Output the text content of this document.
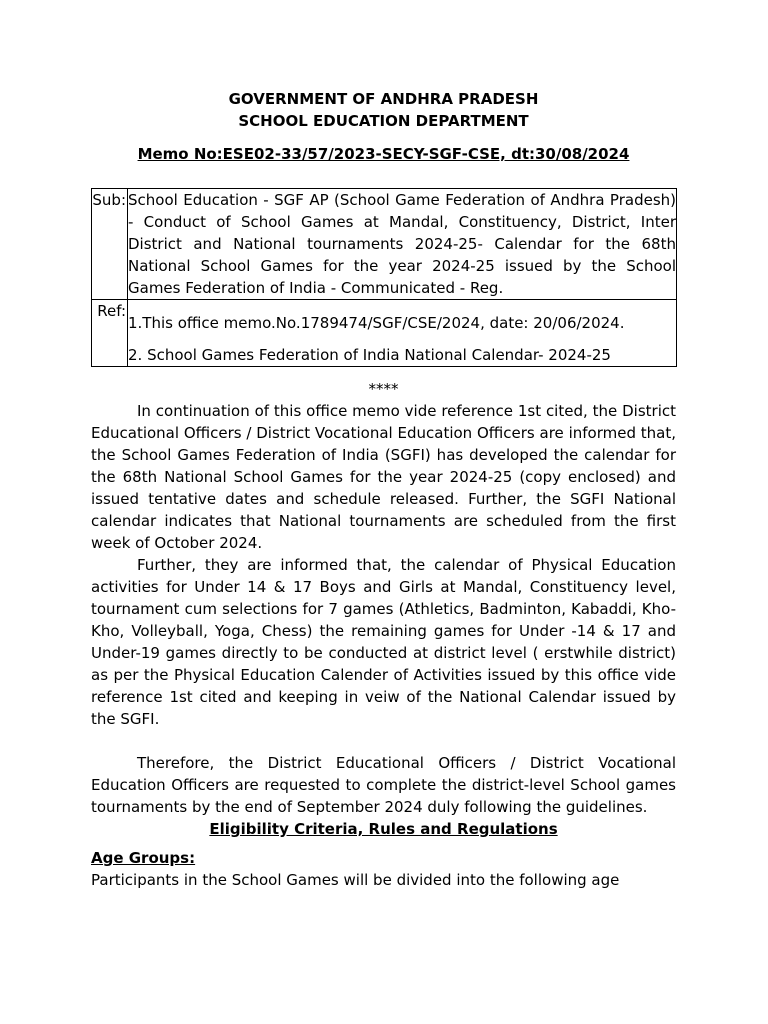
GOVERNMENT OF ANDHRA PRADESH
SCHOOL EDUCATION DEPARTMENT
Memo No:ESE02-33/57/2023-SECY-SGF-CSE, dt:30/08/2024
Sub:	School Education - SGF AP (School Game Federation of Andhra Pradesh) - Conduct of School Games at Mandal, Constituency, District, Inter District and National tournaments 2024-25- Calendar for the 68th National School Games for the year 2024-25 issued by the School Games Federation of India - Communicated - Reg.
Ref:	1.This office memo.No.1789474/SGF/CSE/2024, date: 20/06/2024.
2. School Games Federation of India National Calendar- 2024-25
****

In continuation of this office memo vide reference 1st cited, the District Educational Officers / District Vocational Education Officers are informed that, the School Games Federation of India (SGFI) has developed the calendar for the 68th National School Games for the year 2024-25 (copy enclosed) and issued tentative dates and schedule released. Further, the SGFI National calendar indicates that National tournaments are scheduled from the first week of October 2024.

Further, they are informed that, the calendar of Physical Education activities for Under 14 & 17 Boys and Girls at Mandal, Constituency level, tournament cum selections for 7 games (Athletics, Badminton, Kabaddi, Kho-Kho, Volleyball, Yoga, Chess) the remaining games for Under -14 & 17 and Under-19 games directly to be conducted at district level ( erstwhile district) as per the Physical Education Calender of Activities issued by this office vide reference 1st cited and keeping in veiw of the National Calendar issued by the SGFI.

Therefore, the District Educational Officers / District Vocational Education Officers are requested to complete the district-level School games tournaments by the end of September 2024 duly following the guidelines.

Eligibility Criteria, Rules and Regulations
Age Groups:

Participants in the School Games will be divided into the following age
